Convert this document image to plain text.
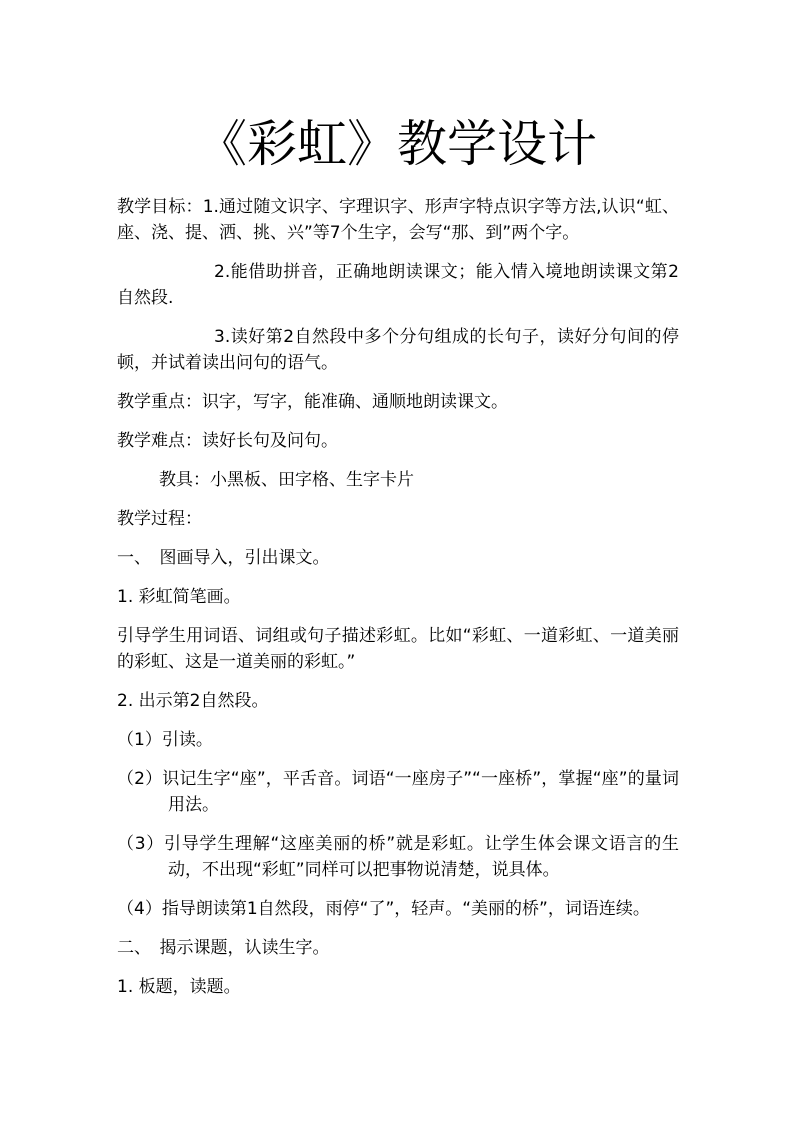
《彩虹》教学设计

教学目标：1.通过随文识字、字理识字、形声字特点识字等方法,认识“虹、座、浇、提、洒、挑、兴”等7个生字，会写“那、到”两个字。

2.能借助拼音，正确地朗读课文；能入情入境地朗读课文第2自然段.

3.读好第2自然段中多个分句组成的长句子，读好分句间的停顿，并试着读出问句的语气。

教学重点：识字，写字，能准确、通顺地朗读课文。

教学难点：读好长句及问句。

教具：小黑板、田字格、生字卡片

教学过程：

一、　图画导入，引出课文。

1. 彩虹简笔画。

引导学生用词语、词组或句子描述彩虹。比如“彩虹、一道彩虹、一道美丽的彩虹、这是一道美丽的彩虹。”

2. 出示第2自然段。

（1）引读。

（2）识记生字“座”，平舌音。词语“一座房子”“一座桥”，掌握“座”的量词用法。

（3）引导学生理解“这座美丽的桥”就是彩虹。让学生体会课文语言的生动，不出现“彩虹”同样可以把事物说清楚，说具体。

（4）指导朗读第1自然段，雨停“了”，轻声。“美丽的桥”，词语连续。

二、　揭示课题，认读生字。

1. 板题，读题。
